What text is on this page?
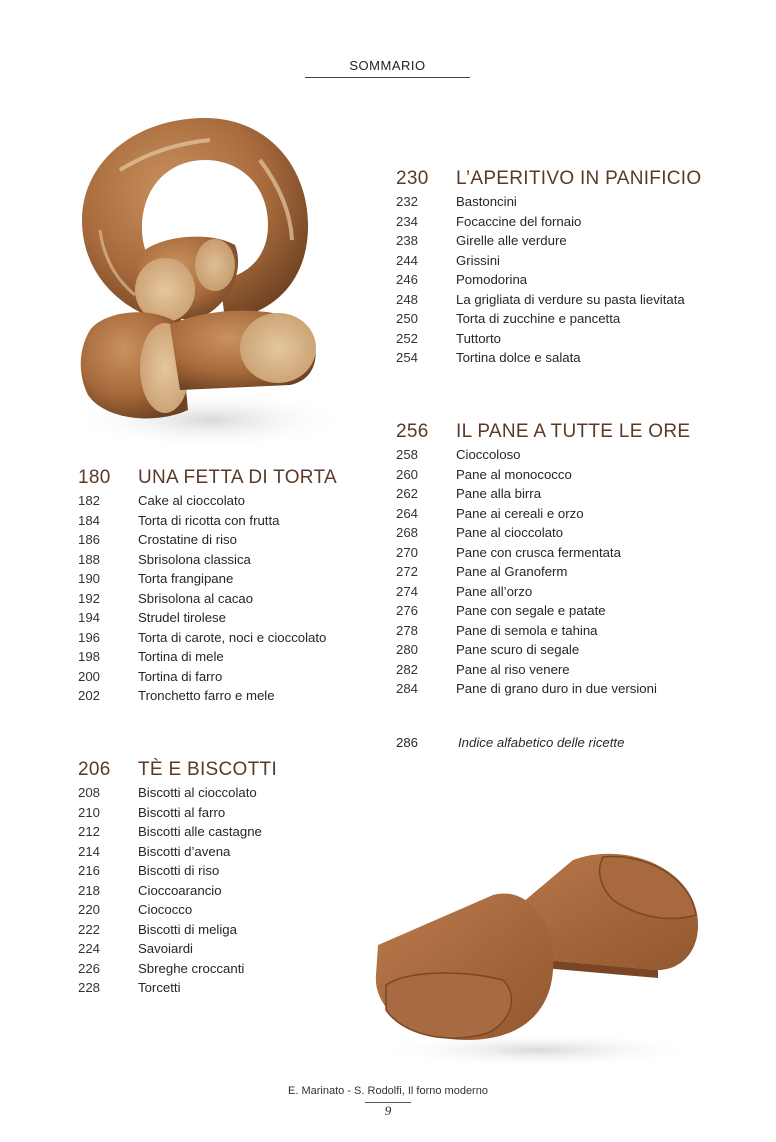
SOMMARIO
180	UNA FETTA DI TORTA
182	Cake al cioccolato
184	Torta di ricotta con frutta
186	Crostatine di riso
188	Sbrisolona classica
190	Torta frangipane
192	Sbrisolona al cacao
194	Strudel tirolese
196	Torta di carote, noci e cioccolato
198	Tortina di mele
200	Tortina di farro
202	Tronchetto farro e mele
206	TÈ E BISCOTTI
208	Biscotti al cioccolato
210	Biscotti al farro
212	Biscotti alle castagne
214	Biscotti d’avena
216	Biscotti di riso
218	Cioccoarancio
220	Ciococco
222	Biscotti di meliga
224	Savoiardi
226	Sbreghe croccanti
228	Torcetti
230	L’APERITIVO IN PANIFICIO
232	Bastoncini
234	Focaccine del fornaio
238	Girelle alle verdure
244	Grissini
246	Pomodorina
248	La grigliata di verdure su pasta lievitata
250	Torta di zucchine e pancetta
252	Tuttorto
254	Tortina dolce e salata
256	IL PANE A TUTTE LE ORE
258	Cioccoloso
260	Pane al monococco
262	Pane alla birra
264	Pane ai cereali e orzo
268	Pane al cioccolato
270	Pane con crusca fermentata
272	Pane al Granoferm
274	Pane all’orzo
276	Pane con segale e patate
278	Pane di semola e tahina
280	Pane scuro di segale
282	Pane al riso venere
284	Pane di grano duro in due versioni
286	Indice alfabetico delle ricette
E. Marinato - S. Rodolfi, Il forno moderno
9
